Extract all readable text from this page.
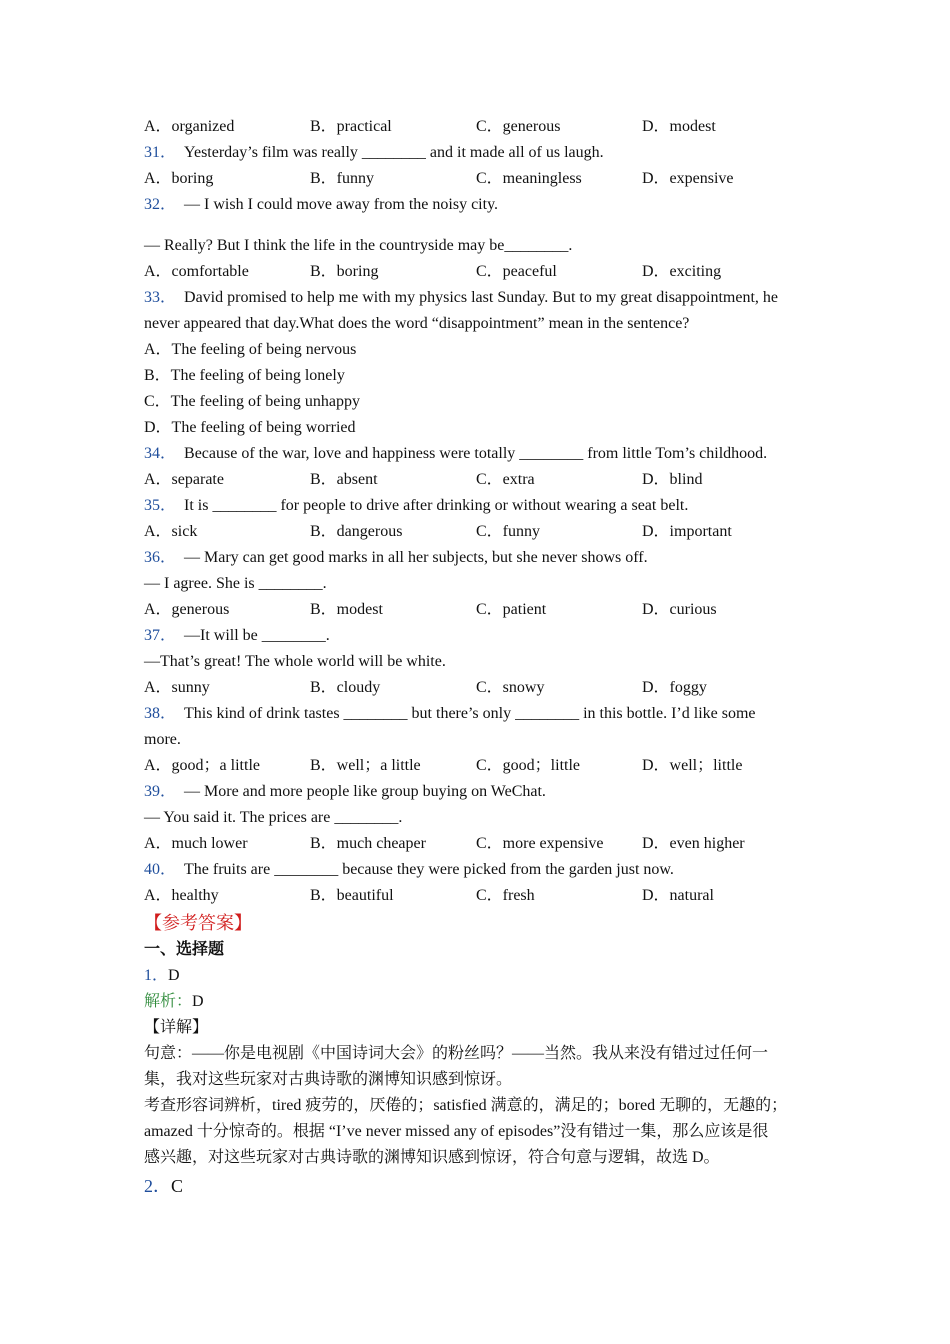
A．organized	B．practical	C．generous	D．modest
31． Yesterday’s film was really ________ and it made all of us laugh.
A．boring	B．funny	C．meaningless	D．expensive
32． — I wish I could move away from the noisy city.
— Really? But I think the life in the countryside may be________.
A．comfortable	B．boring	C．peaceful	D．exciting
33． David promised to help me with my physics last Sunday. But to my great disappointment, he
never appeared that day.What does the word “disappointment” mean in the sentence?
A．The feeling of being nervous
B．The feeling of being lonely
C．The feeling of being unhappy
D．The feeling of being worried
34． Because of the war, love and happiness were totally ________ from little Tom’s childhood.
A．separate	B．absent	C．extra	D．blind
35． It is ________ for people to drive after drinking or without wearing a seat belt.
A．sick	B．dangerous	C．funny	D．important
36． — Mary can get good marks in all her subjects, but she never shows off.
— I agree. She is ________.
A．generous	B．modest	C．patient	D．curious
37． —It will be ________.
—That’s great! The whole world will be white.
A．sunny	B．cloudy	C．snowy	D．foggy
38． This kind of drink tastes ________ but there’s only ________ in this bottle. I’d like some
more.
A．good；a little	B．well；a little	C．good；little	D．well；little
39． — More and more people like group buying on WeChat.
— You said it. The prices are ________.
A．much lower	B．much cheaper	C．more expensive	D．even higher
40． The fruits are ________ because they were picked from the garden just now.
A．healthy	B．beautiful	C．fresh	D．natural
【参考答案】
一、选择题
1． D
解析： D
【详解】
句意：——你是电视剧《中国诗词大会》的粉丝吗？——当然。我从来没有错过过任何一
集，我对这些玩家对古典诗歌的渊博知识感到惊讶。
考查形容词辨析，tired 疲劳的，厌倦的；satisfied 满意的，满足的；bored 无聊的，无趣的；
amazed 十分惊奇的。根据 “I’ve never missed any of episodes”没有错过一集，那么应该是很
感兴趣，对这些玩家对古典诗歌的渊博知识感到惊讶，符合句意与逻辑，故选 D。
2． C
